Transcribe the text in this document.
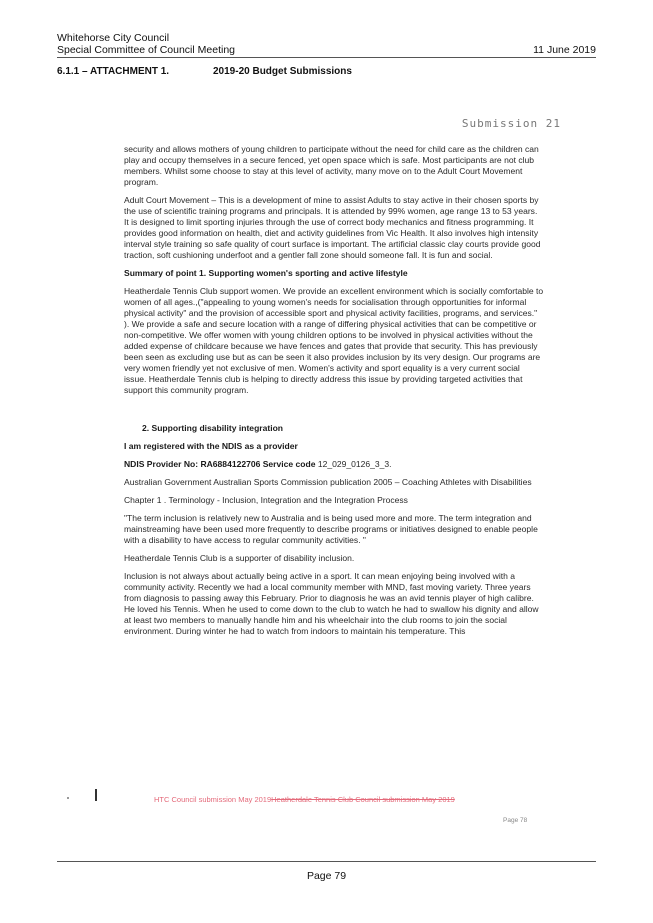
Whitehorse City Council
Special Committee of Council Meeting	11 June 2019
6.1.1 – ATTACHMENT 1.	2019-20 Budget Submissions
Submission 21

security and allows mothers of young children to participate without the need for child care as the children can play and occupy themselves in a secure fenced, yet open space which is safe. Most participants are not club members. Whilst some choose to stay at this level of activity, many move on to the Adult Court Movement program.

Adult Court Movement – This is a development of mine to assist Adults to stay active in their chosen sports by the use of scientific training programs and principals. It is attended by 99% women, age range 13 to 53 years. It is designed to limit sporting injuries through the use of correct body mechanics and fitness programming. It provides good information on health, diet and activity guidelines from Vic Health. It also involves high intensity interval style training so safe quality of court surface is important. The artificial classic clay courts provide good traction, soft cushioning underfoot and a gentler fall zone should someone fall. It is fun and social.

Summary of point 1. Supporting women's sporting and active lifestyle

Heatherdale Tennis Club support women. We provide an excellent environment which is socially comfortable to women of all ages.,("appealing to young women's needs for socialisation through opportunities for informal physical activity" and the provision of accessible sport and physical activity facilities, programs, and services." ). We provide a safe and secure location with a range of differing physical activities that can be competitive or non-competitive. We offer women with young children options to be involved in physical activities without the added expense of childcare because we have fences and gates that provide that security. This has previously been seen as excluding use but as can be seen it also provides inclusion by its very design. Our programs are very women friendly yet not exclusive of men. Women's activity and sport equality is a very current social issue. Heatherdale Tennis club is helping to directly address this issue by providing targeted activities that support this community program.

2. Supporting disability integration

I am registered with the NDIS as a provider

NDIS Provider No: RA6884122706 Service code 12_029_0126_3_3.

Australian Government Australian Sports Commission publication 2005 – Coaching Athletes with Disabilities

Chapter 1 . Terminology - Inclusion, Integration and the Integration Process

"The term inclusion is relatively new to Australia and is being used more and more. The term integration and mainstreaming have been used more frequently to describe programs or initiatives designed to enable people with a disability to have access to regular community activities. "

Heatherdale Tennis Club is a supporter of disability inclusion.

Inclusion is not always about actually being active in a sport. It can mean enjoying being involved with a community activity. Recently we had a local community member with MND, fast moving variety. Three years from diagnosis to passing away this February. Prior to diagnosis he was an avid tennis player of high calibre. He loved his Tennis. When he used to come down to the club to watch he had to swallow his dignity and allow at least two members to manually handle him and his wheelchair into the club rooms to join the social environment. During winter he had to watch from indoors to maintain his temperature. This

HTC Council submission May 2019Heatherdale Tennis Club Council submission May 2019
Page 78
Page 79
